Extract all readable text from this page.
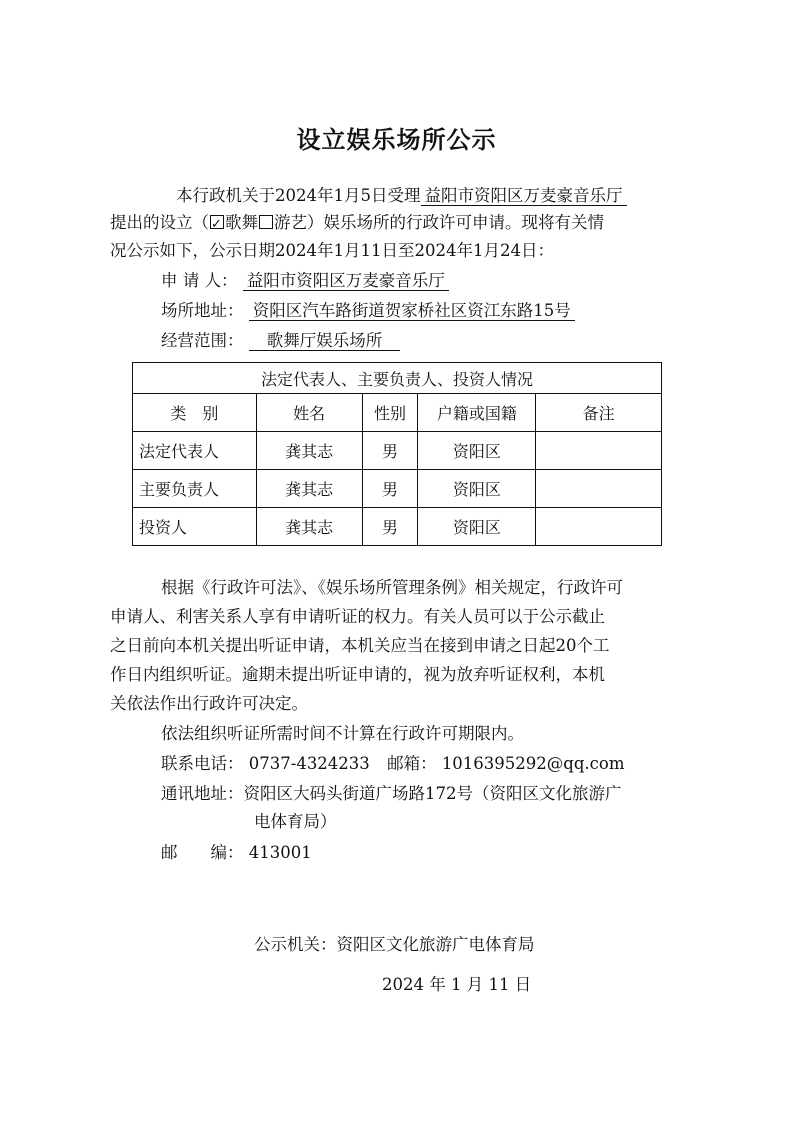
设立娱乐场所公示
本行政机关于2024年1月5日受理 益阳市资阳区万麦豪音乐厅
提出的设立（ ✓ 歌舞 游艺）娱乐场所的行政许可申请。现将有关情
况公示如下，公示日期2024年1月11日至2024年1月24日：
申 请 人： 益阳市资阳区万麦豪音乐厅
场所地址： 资阳区汽车路街道贺家桥社区资江东路15号
经营范围： 歌舞厅娱乐场所
法定代表人、主要负责人、投资人情况				
类　别	姓名	性别	户籍或国籍	备注
法定代表人	龚其志	男	资阳区	
主要负责人	龚其志	男	资阳区	
投资人	龚其志	男	资阳区	
根据《行政许可法》、《娱乐场所管理条例》相关规定，行政许可
申请人、利害关系人享有申请听证的权力。有关人员可以于公示截止
之日前向本机关提出听证申请，本机关应当在接到申请之日起20个工
作日内组织听证。逾期未提出听证申请的，视为放弃听证权利，本机
关依法作出行政许可决定。
依法组织听证所需时间不计算在行政许可期限内。
联系电话： 0737-4324233 邮箱： 1016395292@qq.com
通讯地址：资阳区大码头街道广场路172号（资阳区文化旅游广
电体育局）
邮　　编： 413001
公示机关：资阳区文化旅游广电体育局
2024 年 1 月 11 日
